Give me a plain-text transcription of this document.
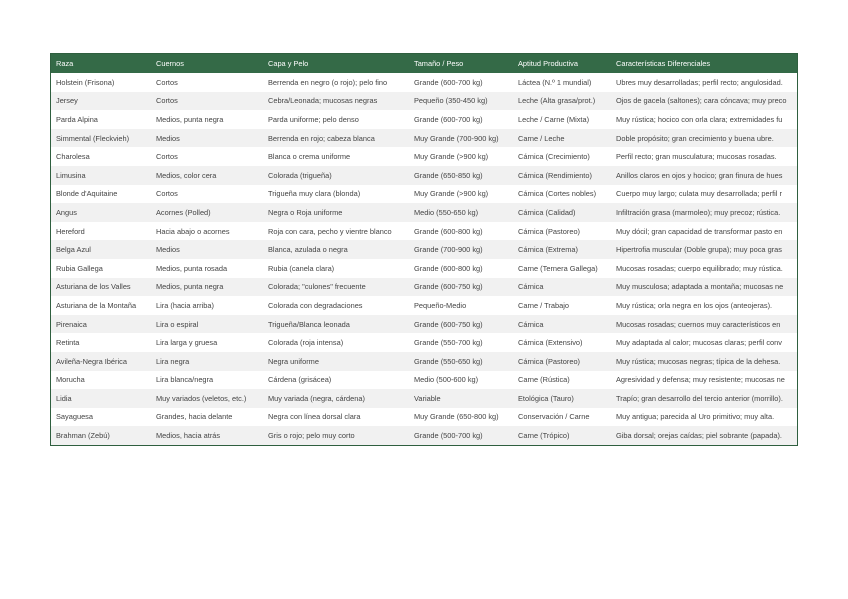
Raza	Cuernos	Capa y Pelo	Tamaño / Peso	Aptitud Productiva	Características Diferenciales
Holstein (Frisona)	Cortos	Berrenda en negro (o rojo); pelo fino	Grande (600-700 kg)	Láctea (N.º 1 mundial)	Ubres muy desarrolladas; perfil recto; angulosidad.
Jersey	Cortos	Cebra/Leonada; mucosas negras	Pequeño (350-450 kg)	Leche (Alta grasa/prot.)	Ojos de gacela (saltones); cara cóncava; muy preco
Parda Alpina	Medios, punta negra	Parda uniforme; pelo denso	Grande (600-700 kg)	Leche / Carne (Mixta)	Muy rústica; hocico con orla clara; extremidades fu
Simmental (Fleckvieh)	Medios	Berrenda en rojo; cabeza blanca	Muy Grande (700-900 kg)	Carne / Leche	Doble propósito; gran crecimiento y buena ubre.
Charolesa	Cortos	Blanca o crema uniforme	Muy Grande (>900 kg)	Cárnica (Crecimiento)	Perfil recto; gran musculatura; mucosas rosadas.
Limusina	Medios, color cera	Colorada (trigueña)	Grande (650-850 kg)	Cárnica (Rendimiento)	Anillos claros en ojos y hocico; gran finura de hues
Blonde d'Aquitaine	Cortos	Trigueña muy clara (blonda)	Muy Grande (>900 kg)	Cárnica (Cortes nobles)	Cuerpo muy largo; culata muy desarrollada; perfil r
Angus	Acornes (Polled)	Negra o Roja uniforme	Medio (550-650 kg)	Cárnica (Calidad)	Infiltración grasa (marmoleo); muy precoz; rústica.
Hereford	Hacia abajo o acornes	Roja con cara, pecho y vientre blanco	Grande (600-800 kg)	Cárnica (Pastoreo)	Muy dócil; gran capacidad de transformar pasto en
Belga Azul	Medios	Blanca, azulada o negra	Grande (700-900 kg)	Cárnica (Extrema)	Hipertrofia muscular (Doble grupa); muy poca gras
Rubia Gallega	Medios, punta rosada	Rubia (canela clara)	Grande (600-800 kg)	Carne (Ternera Gallega)	Mucosas rosadas; cuerpo equilibrado; muy rústica.
Asturiana de los Valles	Medios, punta negra	Colorada; "culones" frecuente	Grande (600-750 kg)	Cárnica	Muy musculosa; adaptada a montaña; mucosas ne
Asturiana de la Montaña	Lira (hacia arriba)	Colorada con degradaciones	Pequeño-Medio	Carne / Trabajo	Muy rústica; orla negra en los ojos (anteojeras).
Pirenaica	Lira o espiral	Trigueña/Blanca leonada	Grande (600-750 kg)	Cárnica	Mucosas rosadas; cuernos muy característicos en
Retinta	Lira larga y gruesa	Colorada (roja intensa)	Grande (550-700 kg)	Cárnica (Extensivo)	Muy adaptada al calor; mucosas claras; perfil conv
Avileña-Negra Ibérica	Lira negra	Negra uniforme	Grande (550-650 kg)	Cárnica (Pastoreo)	Muy rústica; mucosas negras; típica de la dehesa.
Morucha	Lira blanca/negra	Cárdena (grisácea)	Medio (500-600 kg)	Carne (Rústica)	Agresividad y defensa; muy resistente; mucosas ne
Lidia	Muy variados (veletos, etc.)	Muy variada (negra, cárdena)	Variable	Etológica (Tauro)	Trapío; gran desarrollo del tercio anterior (morrillo).
Sayaguesa	Grandes, hacia delante	Negra con línea dorsal clara	Muy Grande (650-800 kg)	Conservación / Carne	Muy antigua; parecida al Uro primitivo; muy alta.
Brahman (Zebú)	Medios, hacia atrás	Gris o rojo; pelo muy corto	Grande (500-700 kg)	Carne (Trópico)	Giba dorsal; orejas caídas; piel sobrante (papada).
